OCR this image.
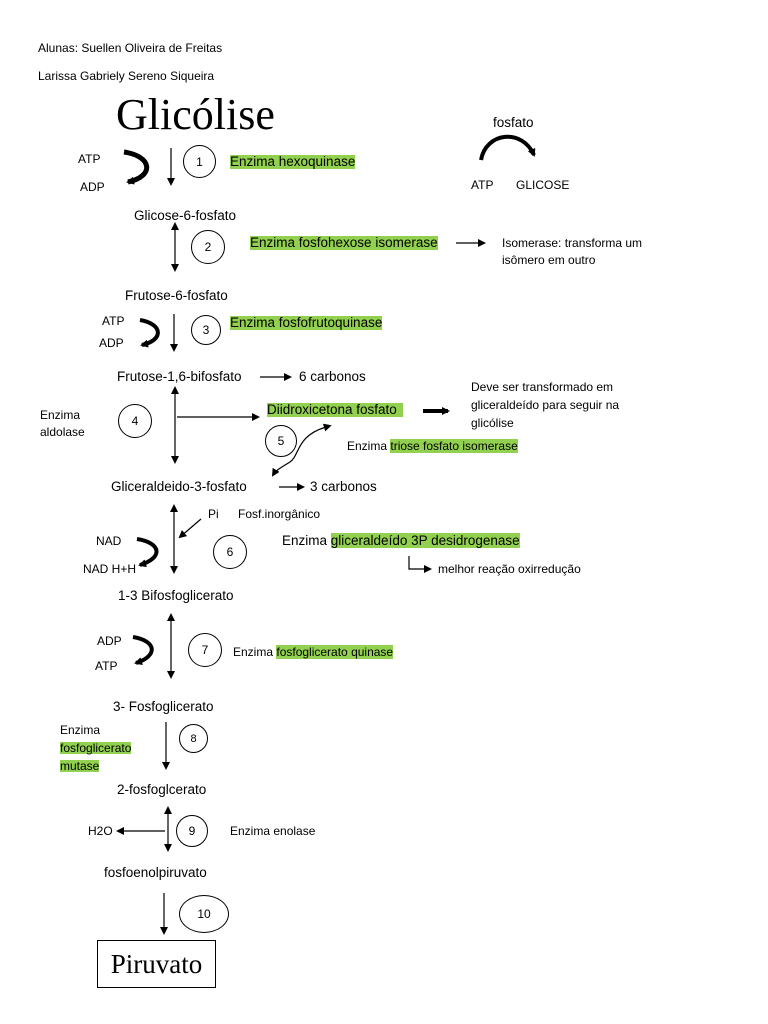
Alunas: Suellen Oliveira de Freitas
Larissa Gabriely Sereno Siqueira
Glicólise	fosfato
ATP GLICOSE
ATP
ADP
1	Enzima hexoquinase
Glicose-6-fosfato
2	Enzima fosfohexose isomerase	Isomerase: transforma um
isômero em outro
Frutose-6-fosfato
ATP
ADP
3	Enzima fosfofrutoquinase
Frutose-1,6-bifosfato	6 carbonos
Enzima
aldolase
4
Diidroxicetona fosfato
Deve ser transformado em
gliceraldeído para seguir na
glicólise
5	Enzima triose fosfato isomerase
Gliceraldeido-3-fosfato	3 carbonos
Pi Fosf.inorgânico
NAD
NAD H+H
6
Enzima gliceraldeído 3P desidrogenase
melhor reação oxirredução
1-3 Bifosfoglicerato
ADP
ATP
7	Enzima fosfoglicerato quinase
3- Fosfoglicerato
Enzima
fosfoglicerato
mutase
8
2-fosfoglcerato
H2O	9	Enzima enolase
fosfoenolpiruvato
10
Piruvato
